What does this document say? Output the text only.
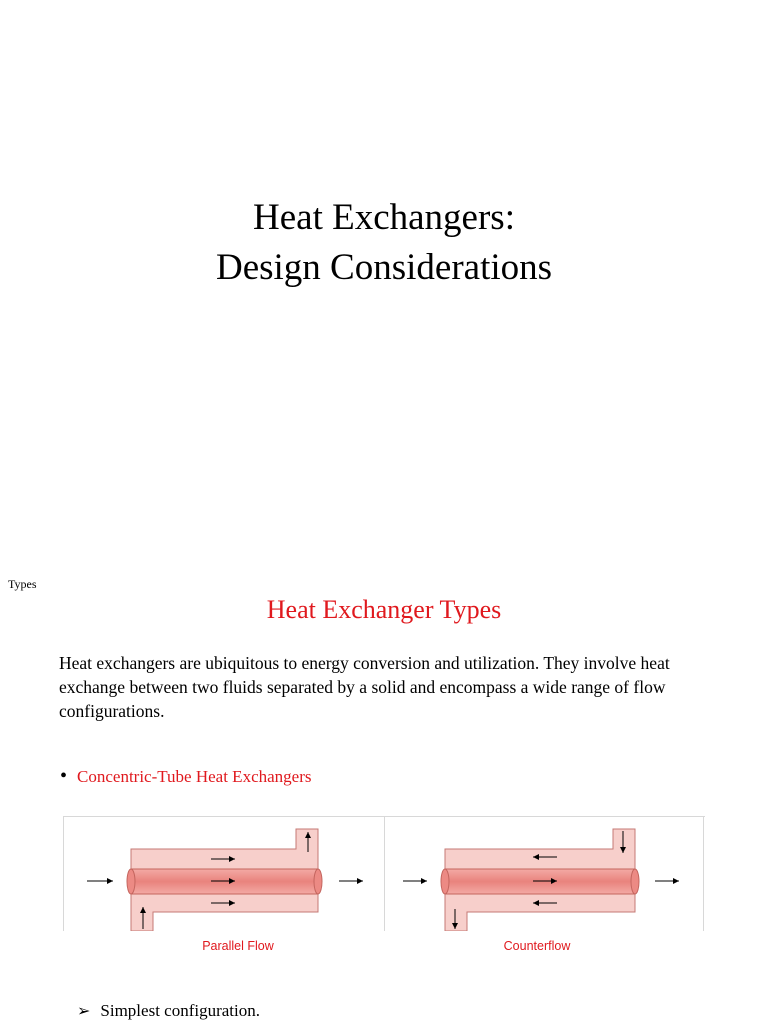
Heat Exchangers:
Design Considerations
Types
Heat Exchanger Types
Heat exchangers are ubiquitous to energy conversion and utilization. They involve heat exchange between two fluids separated by a solid and encompass a wide range of flow configurations.
• Concentric-Tube Heat Exchangers
Parallel Flow	Counterflow
➢ Simplest configuration.
